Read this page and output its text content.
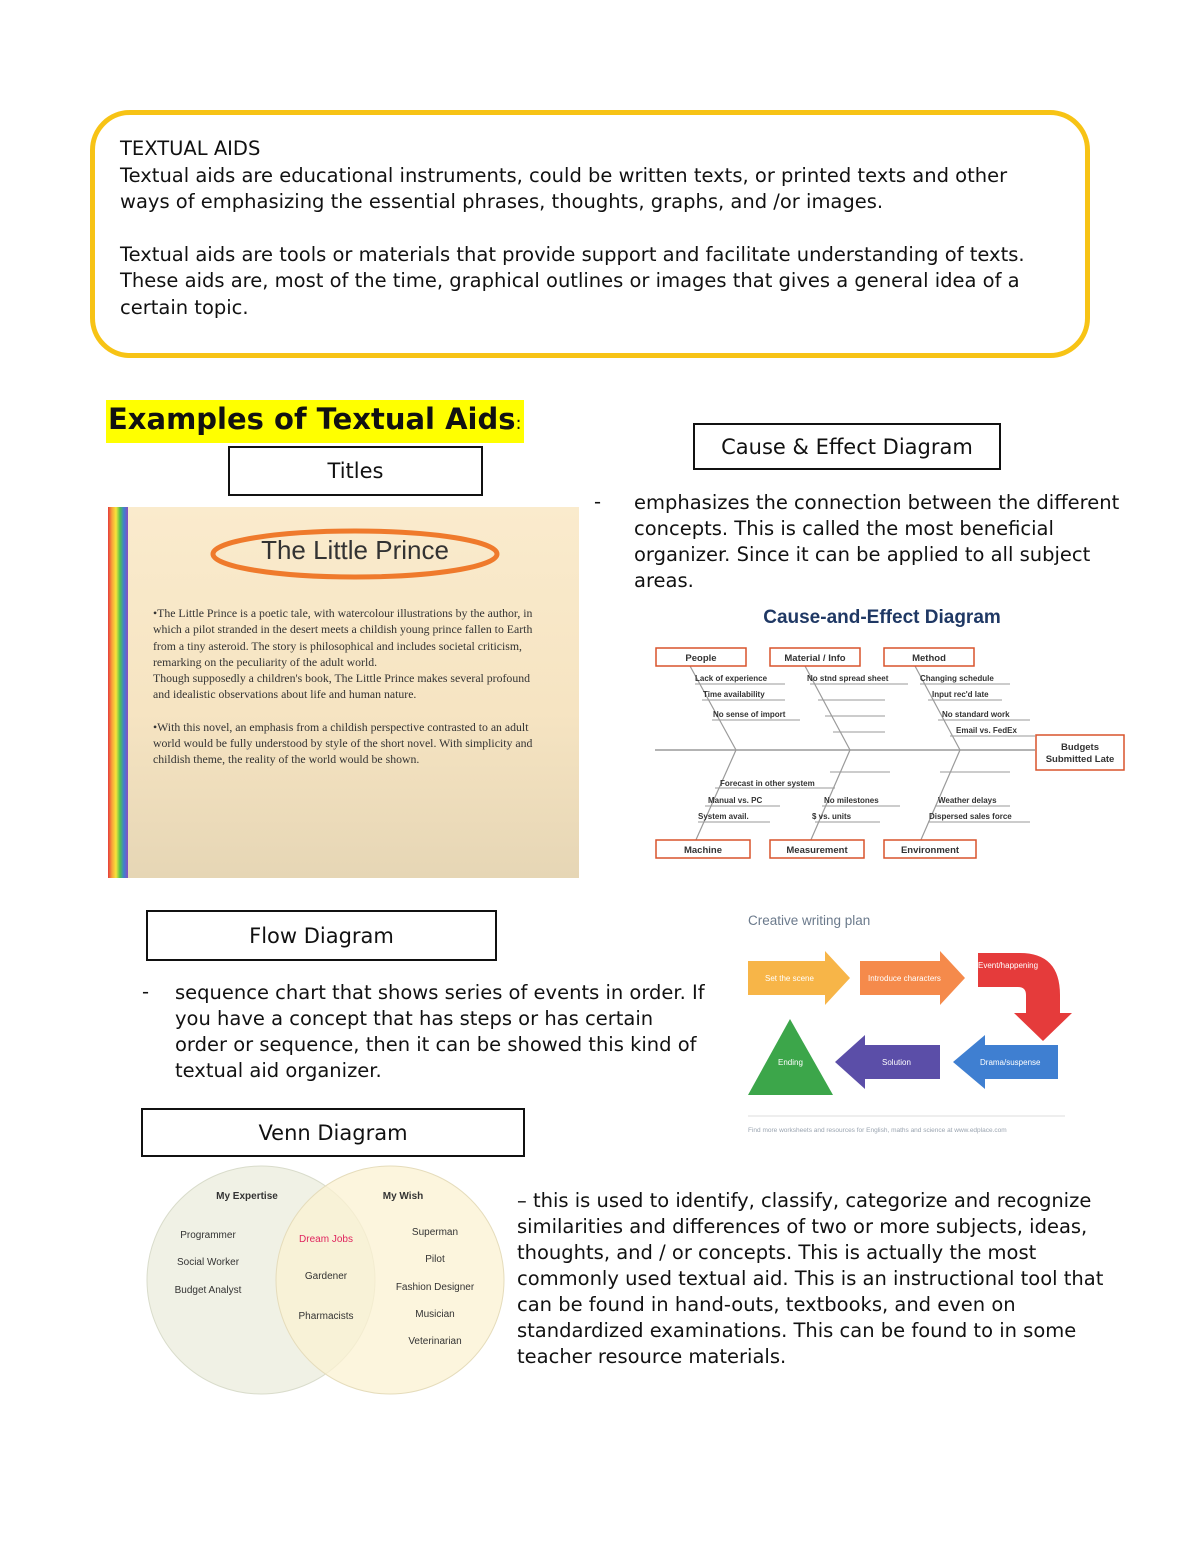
TEXTUAL AIDS

Textual aids are educational instruments, could be written texts, or printed texts and other ways of emphasizing the essential phrases, thoughts, graphs, and /or images.

Textual aids are tools or materials that provide support and facilitate understanding of texts. These aids are, most of the time, graphical outlines or images that gives a general idea of a certain topic.

Examples of Textual Aids:
Titles
The Little Prince
•The Little Prince is a poetic tale, with watercolour illustrations by the author, in which a pilot stranded in the desert meets a childish young prince fallen to Earth from a tiny asteroid. The story is philosophical and includes societal criticism, remarking on the peculiarity of the adult world.
Though supposedly a children's book, The Little Prince makes several profound and idealistic observations about life and human nature.
•With this novel, an emphasis from a childish perspective contrasted to an adult world would be fully understood by style of the short novel. With simplicity and childish theme, the reality of the world would be shown.
Cause & Effect Diagram
- emphasizes the connection between the different concepts. This is called the most beneficial organizer. Since it can be applied to all subject areas.
Cause-and-Effect Diagram
People	Material / Info	Method
Machine	Measurement	Environment
Budgets
Submitted Late
Lack of experience
Time availability
No sense of import
No stnd spread sheet	Changing schedule
Input rec'd late
No standard work
Email vs. FedEx
Forecast in other system
Manual vs. PC
System avail.
No milestones
$ vs. units
Weather delays
Dispersed sales force
Flow Diagram
- sequence chart that shows series of events in order. If you have a concept that has steps or has certain order or sequence, then it can be showed this kind of textual aid organizer.
Creative writing plan
Set the scene	Introduce characters
Event/happening
Drama/suspense
Solution
Ending
Find more worksheets and resources for English, maths and science at www.edplace.com
Venn Diagram
My Expertise	My Wish
Programmer
Social Worker
Budget Analyst
Dream Jobs
Gardener
Pharmacists
Superman
Pilot
Fashion Designer
Musician
Veterinarian
– this is used to identify, classify, categorize and recognize similarities and differences of two or more subjects, ideas, thoughts, and / or concepts. This is actually the most commonly used textual aid. This is an instructional tool that can be found in hand-outs, textbooks, and even on standardized examinations. This can be found to in some teacher resource materials.
